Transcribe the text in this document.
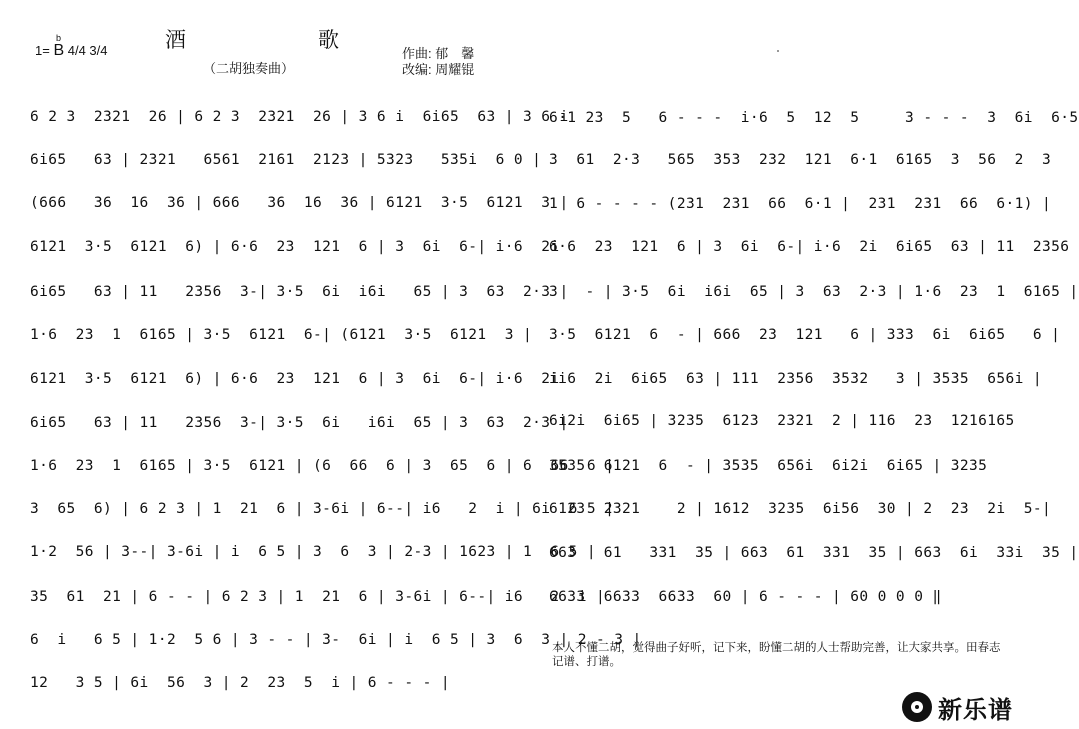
酒	歌
（二胡独奏曲）
1=
b
B 4/4 3/4	作曲: 郁　馨
改编: 周耀锟
6 2 3  2321  26 | 6 2 3  2321  26 | 3 6 i  6i65  63 | 3 6 i
6i65   63 | 2321   6561  2161  2123 | 5323   535i  6 0 |
(666   36  16  36 | 666   36  16  36 | 6121  3·5  6121  3 |
6121  3·5  6121  6) | 6·6  23  121  6 | 3  6i  6-| i·6  2i
6i65   63 | 11   2356  3-| 3·5  6i  i6i   65 | 3  63  2·3 |
1·6  23  1  6165 | 3·5  6121  6-| (6121  3·5  6121  3 |
6121  3·5  6121  6) | 6·6  23  121  6 | 3  6i  6-| i·6  2i
6i65   63 | 11   2356  3-| 3·5  6i   i6i  65 | 3  63  2·3 |
1·6  23  1  6165 | 3·5  6121 | (6  66  6 | 3  65  6 | 6  66  6 |
3  65  6) | 6 2 3 | 1  21  6 | 3-6i | 6--| i6   2  i | 6i  6 5 |
1·2  56 | 3--| 3-6i | i  6 5 | 3  6  3 | 2-3 | 1623 | 1  6 5 |
35  61  21 | 6 - - | 6 2 3 | 1  21  6 | 3-6i | 6--| i6   2  i |
6  i   6 5 | 1·2  5 6 | 3 - - | 3-  6i | i  6 5 | 3  6  3 | 2 - 3 |
12   3 5 | 6i  56  3 | 2  23  5  i | 6 - - - |
6·1 23  5   6 - - -  i·6  5  12  5     3 - - -  3  6i  6·5
3  61  2·3   565  353  232  121  6·1  6165  3  56  2  3
1  6 - - - - (231  231  66  6·1 |  231  231  66  6·1) |
6·6  23  121  6 | 3  6i  6-| i·6  2i  6i65  63 | 11  2356
3   - | 3·5  6i  i6i  65 | 3  63  2·3 | 1·6  23  1  6165 |
3·5  6121  6  - | 666  23  121   6 | 333  6i  6i65   6 |
ii6  2i  6i65  63 | 111  2356  3532   3 | 3535  656i |
6i2i  6i65 | 3235  6123  2321  2 | 116  23  1216165
3535  6121  6  - | 3535  656i  6i2i  6i65 | 3235
6123  2321    2 | 1612  3235  6i56  30 | 2  23  2i  5-|
663   61   331  35 | 663  61  331  35 | 663  6i  33i  35 |
6633  6633  6633  60 | 6 - - - | 60 0 0 0 ‖
本人不懂二胡，觉得曲子好听，记下来，盼懂二胡的人士帮助完善，让大家共享。田春志记谱、打谱。
新乐谱
